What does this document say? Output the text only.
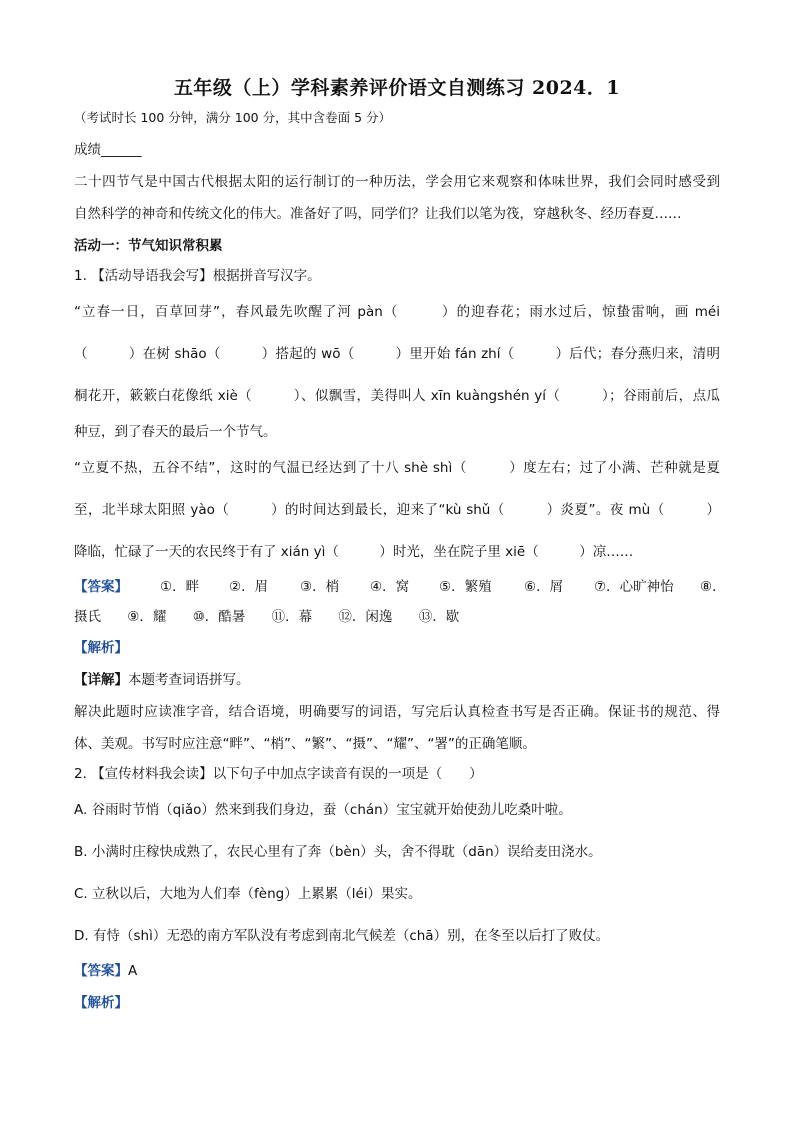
五年级（上）学科素养评价语文自测练习 2024．1
（考试时长 100 分钟，满分 100 分，其中含卷面 5 分）
成绩______
二十四节气是中国古代根据太阳的运行制订的一种历法，学会用它来观察和体味世界，我们会同时感受到
自然科学的神奇和传统文化的伟大。准备好了吗，同学们？让我们以笔为筏，穿越秋冬、经历春夏……
活动一：节气知识常积累
1. 【活动导语我会写】根据拼音写汉字。
“立春一日，百草回芽”，春风最先吹醒了河 pàn（　　　）的迎春花；雨水过后，惊蛰雷响，画 méi
（　　　）在树 shāo（　　　）搭起的 wō（　　　）里开始 fán zhí（　　　）后代；春分燕归来，清明
桐花开，簌簌白花像纸 xiè（　　　）、似飘雪，美得叫人 xīn kuàngshén yí（　　　）；谷雨前后，点瓜
种豆，到了春天的最后一个节气。
“立夏不热，五谷不结”，这时的气温已经达到了十八 shè shì（　　　）度左右；过了小满、芒种就是夏
至，北半球太阳照 yào（　　　）的时间达到最长，迎来了“kù shǔ（　　　）炎夏”。夜 mù（　　　）
降临，忙碌了一天的农民终于有了 xián yì（　　　）时光，坐在院子里 xiē（　　　）凉……
【答案】 ①．畔 ②．眉 ③．梢 ④．窝 ⑤．繁殖 ⑥．屑 ⑦．心旷神怡 ⑧．
摄氏 ⑨．耀 ⑩．酷暑 ⑪．幕 ⑫．闲逸 ⑬．歇
【解析】
【详解】本题考查词语拼写。
解决此题时应读准字音，结合语境，明确要写的词语，写完后认真检查书写是否正确。保证书的规范、得
体、美观。书写时应注意“畔”、“梢”、“繁”、“摄”、“耀”、“署”的正确笔顺。
2. 【宣传材料我会读】以下句子中加点字读音有误的一项是（　　）
A. 谷雨时节悄（qiǎo）然来到我们身边，蚕（chán）宝宝就开始使劲儿吃桑叶啦。
B. 小满时庄稼快成熟了，农民心里有了奔（bèn）头，舍不得耽（dān）误给麦田浇水。
C. 立秋以后，大地为人们奉（fèng）上累累（léi）果实。
D. 有恃（shì）无恐的南方军队没有考虑到南北气候差（chā）别，在冬至以后打了败仗。
【答案】A
【解析】
